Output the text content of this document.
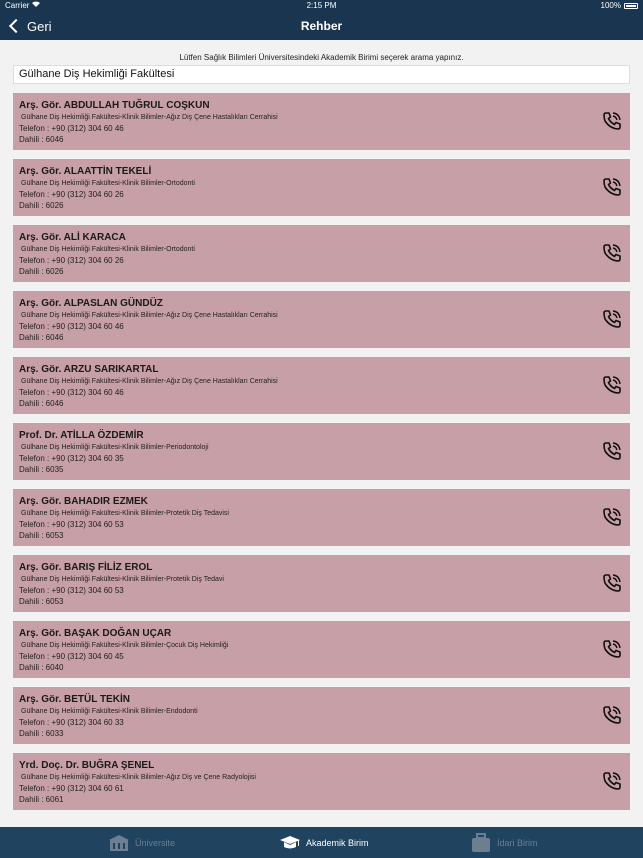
Carrier	2:15 PM	100%
Geri	Rehber
Lütfen Sağlık Bilimleri Üniversitesindeki Akademik Birimi seçerek arama yapınız.
Gülhane Diş Hekimliği Fakültesi
Arş. Gör. ABDULLAH TUĞRUL COŞKUN
Gülhane Diş Hekimliği Fakültesi-Klinik Bilimler-Ağız Diş Çene Hastalıkları Cerrahisi
Telefon : +90 (312) 304 60 46
Dahili : 6046
Arş. Gör. ALAATTİN TEKELİ
Gülhane Diş Hekimliği Fakültesi-Klinik Bilimler-Ortodonti
Telefon : +90 (312) 304 60 26
Dahili : 6026
Arş. Gör. ALİ KARACA
Gülhane Diş Hekimliği Fakültesi-Klinik Bilimler-Ortodonti
Telefon : +90 (312) 304 60 26
Dahili : 6026
Arş. Gör. ALPASLAN GÜNDÜZ
Gülhane Diş Hekimliği Fakültesi-Klinik Bilimler-Ağız Diş Çene Hastalıkları Cerrahisi
Telefon : +90 (312) 304 60 46
Dahili : 6046
Arş. Gör. ARZU SARIKARTAL
Gülhane Diş Hekimliği Fakültesi-Klinik Bilimler-Ağız Diş Çene Hastalıkları Cerrahisi
Telefon : +90 (312) 304 60 46
Dahili : 6046
Prof. Dr. ATİLLA ÖZDEMİR
Gülhane Diş Hekimliği Fakültesi-Klinik Bilimler-Periodontoloji
Telefon : +90 (312) 304 60 35
Dahili : 6035
Arş. Gör. BAHADIR EZMEK
Gülhane Diş Hekimliği Fakültesi-Klinik Bilimler-Protetik Diş Tedavisi
Telefon : +90 (312) 304 60 53
Dahili : 6053
Arş. Gör. BARIŞ FİLİZ EROL
Gülhane Diş Hekimliği Fakültesi-Klinik Bilimler-Protetik Diş Tedavi
Telefon : +90 (312) 304 60 53
Dahili : 6053
Arş. Gör. BAŞAK DOĞAN UÇAR
Gülhane Diş Hekimliği Fakültesi-Klinik Bilimler-Çocuk Diş Hekimliği
Telefon : +90 (312) 304 60 45
Dahili : 6040
Arş. Gör. BETÜL TEKİN
Gülhane Diş Hekimliği Fakültesi-Klinik Bilimler-Endodonti
Telefon : +90 (312) 304 60 33
Dahili : 6033
Yrd. Doç. Dr. BUĞRA ŞENEL
Gülhane Diş Hekimliği Fakültesi-Klinik Bilimler-Ağız Diş ve Çene Radyolojisi
Telefon : +90 (312) 304 60 61
Dahili : 6061
Üniversite	Akademik Birim	İdari Birim
